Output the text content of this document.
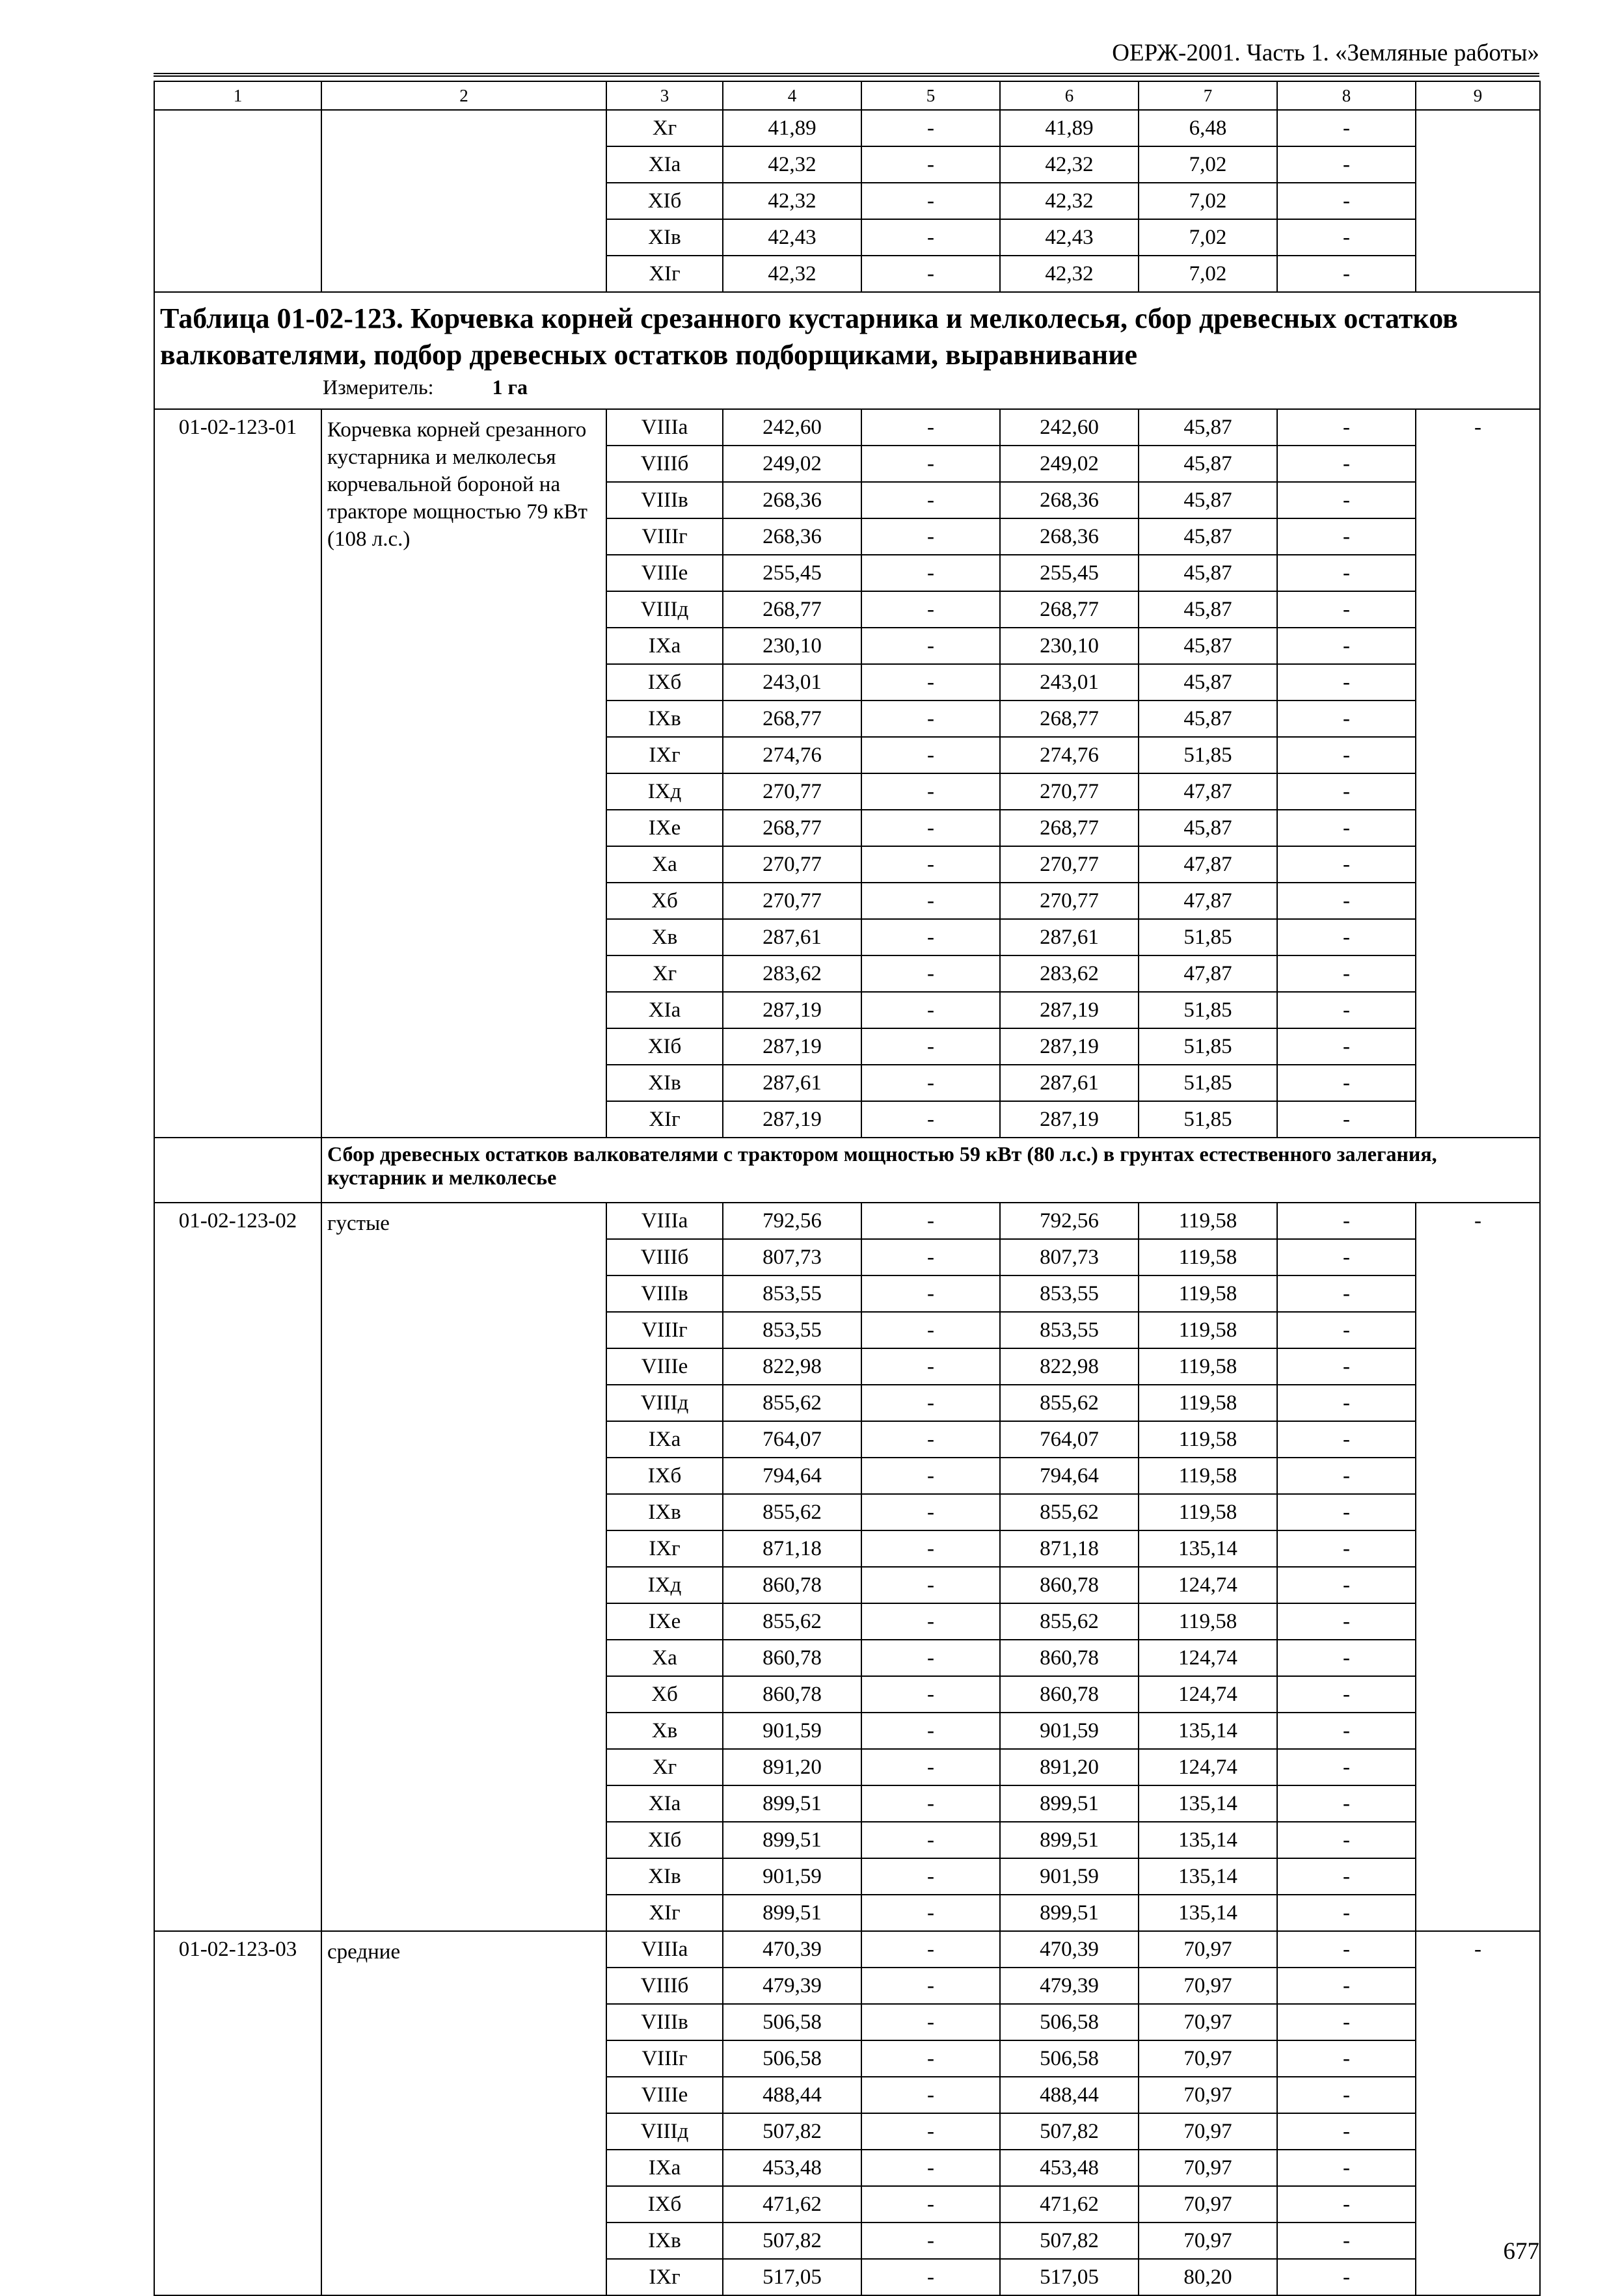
ОЕРЖ-2001. Часть 1. «Земляные работы»
1	2	3	4	5	6	7	8	9
		Xг	41,89	-	41,89	6,48	-	
		XIа	42,32	-	42,32	7,02	-	
		XIб	42,32	-	42,32	7,02	-	
		XIв	42,43	-	42,43	7,02	-	
		XIг	42,32	-	42,32	7,02	-	
Таблица 01-02-123. Корчевка корней срезанного кустарника и мелколесья, сбор древесных остатков валкователями, подбор древесных остатков подборщиками, выравнивание
Измеритель: 1 га								

01-02-123-01	Корчевка корней срезанного кустарника и мелколесья корчевальной бороной на тракторе мощностью 79 кВт (108 л.с.)	VIIIа	242,60	-	242,60	45,87	-	-
		VIIIб	249,02	-	249,02	45,87	-	
		VIIIв	268,36	-	268,36	45,87	-	
		VIIIг	268,36	-	268,36	45,87	-	
		VIIIе	255,45	-	255,45	45,87	-	
		VIIIд	268,77	-	268,77	45,87	-	
		IXа	230,10	-	230,10	45,87	-	
		IXб	243,01	-	243,01	45,87	-	
		IXв	268,77	-	268,77	45,87	-	
		IXг	274,76	-	274,76	51,85	-	
		IXд	270,77	-	270,77	47,87	-	
		IXе	268,77	-	268,77	45,87	-	
		Xа	270,77	-	270,77	47,87	-	
		Xб	270,77	-	270,77	47,87	-	
		Xв	287,61	-	287,61	51,85	-	
		Xг	283,62	-	283,62	47,87	-	
		XIа	287,19	-	287,19	51,85	-	
		XIб	287,19	-	287,19	51,85	-	
		XIв	287,61	-	287,61	51,85	-	
		XIг	287,19	-	287,19	51,85	-	
	Сбор древесных остатков валкователями с трактором мощностью 59 кВт (80 л.с.) в грунтах естественного залегания, кустарник и мелколесье							
01-02-123-02	густые	VIIIа	792,56	-	792,56	119,58	-	-
		VIIIб	807,73	-	807,73	119,58	-	
		VIIIв	853,55	-	853,55	119,58	-	
		VIIIг	853,55	-	853,55	119,58	-	
		VIIIе	822,98	-	822,98	119,58	-	
		VIIIд	855,62	-	855,62	119,58	-	
		IXа	764,07	-	764,07	119,58	-	
		IXб	794,64	-	794,64	119,58	-	
		IXв	855,62	-	855,62	119,58	-	
		IXг	871,18	-	871,18	135,14	-	
		IXд	860,78	-	860,78	124,74	-	
		IXе	855,62	-	855,62	119,58	-	
		Xа	860,78	-	860,78	124,74	-	
		Xб	860,78	-	860,78	124,74	-	
		Xв	901,59	-	901,59	135,14	-	
		Xг	891,20	-	891,20	124,74	-	
		XIа	899,51	-	899,51	135,14	-	
		XIб	899,51	-	899,51	135,14	-	
		XIв	901,59	-	901,59	135,14	-	
		XIг	899,51	-	899,51	135,14	-	
01-02-123-03	средние	VIIIа	470,39	-	470,39	70,97	-	-
		VIIIб	479,39	-	479,39	70,97	-	
		VIIIв	506,58	-	506,58	70,97	-	
		VIIIг	506,58	-	506,58	70,97	-	
		VIIIе	488,44	-	488,44	70,97	-	
		VIIIд	507,82	-	507,82	70,97	-	
		IXа	453,48	-	453,48	70,97	-	
		IXб	471,62	-	471,62	70,97	-	
		IXв	507,82	-	507,82	70,97	-	
		IXг	517,05	-	517,05	80,20	-	
677
